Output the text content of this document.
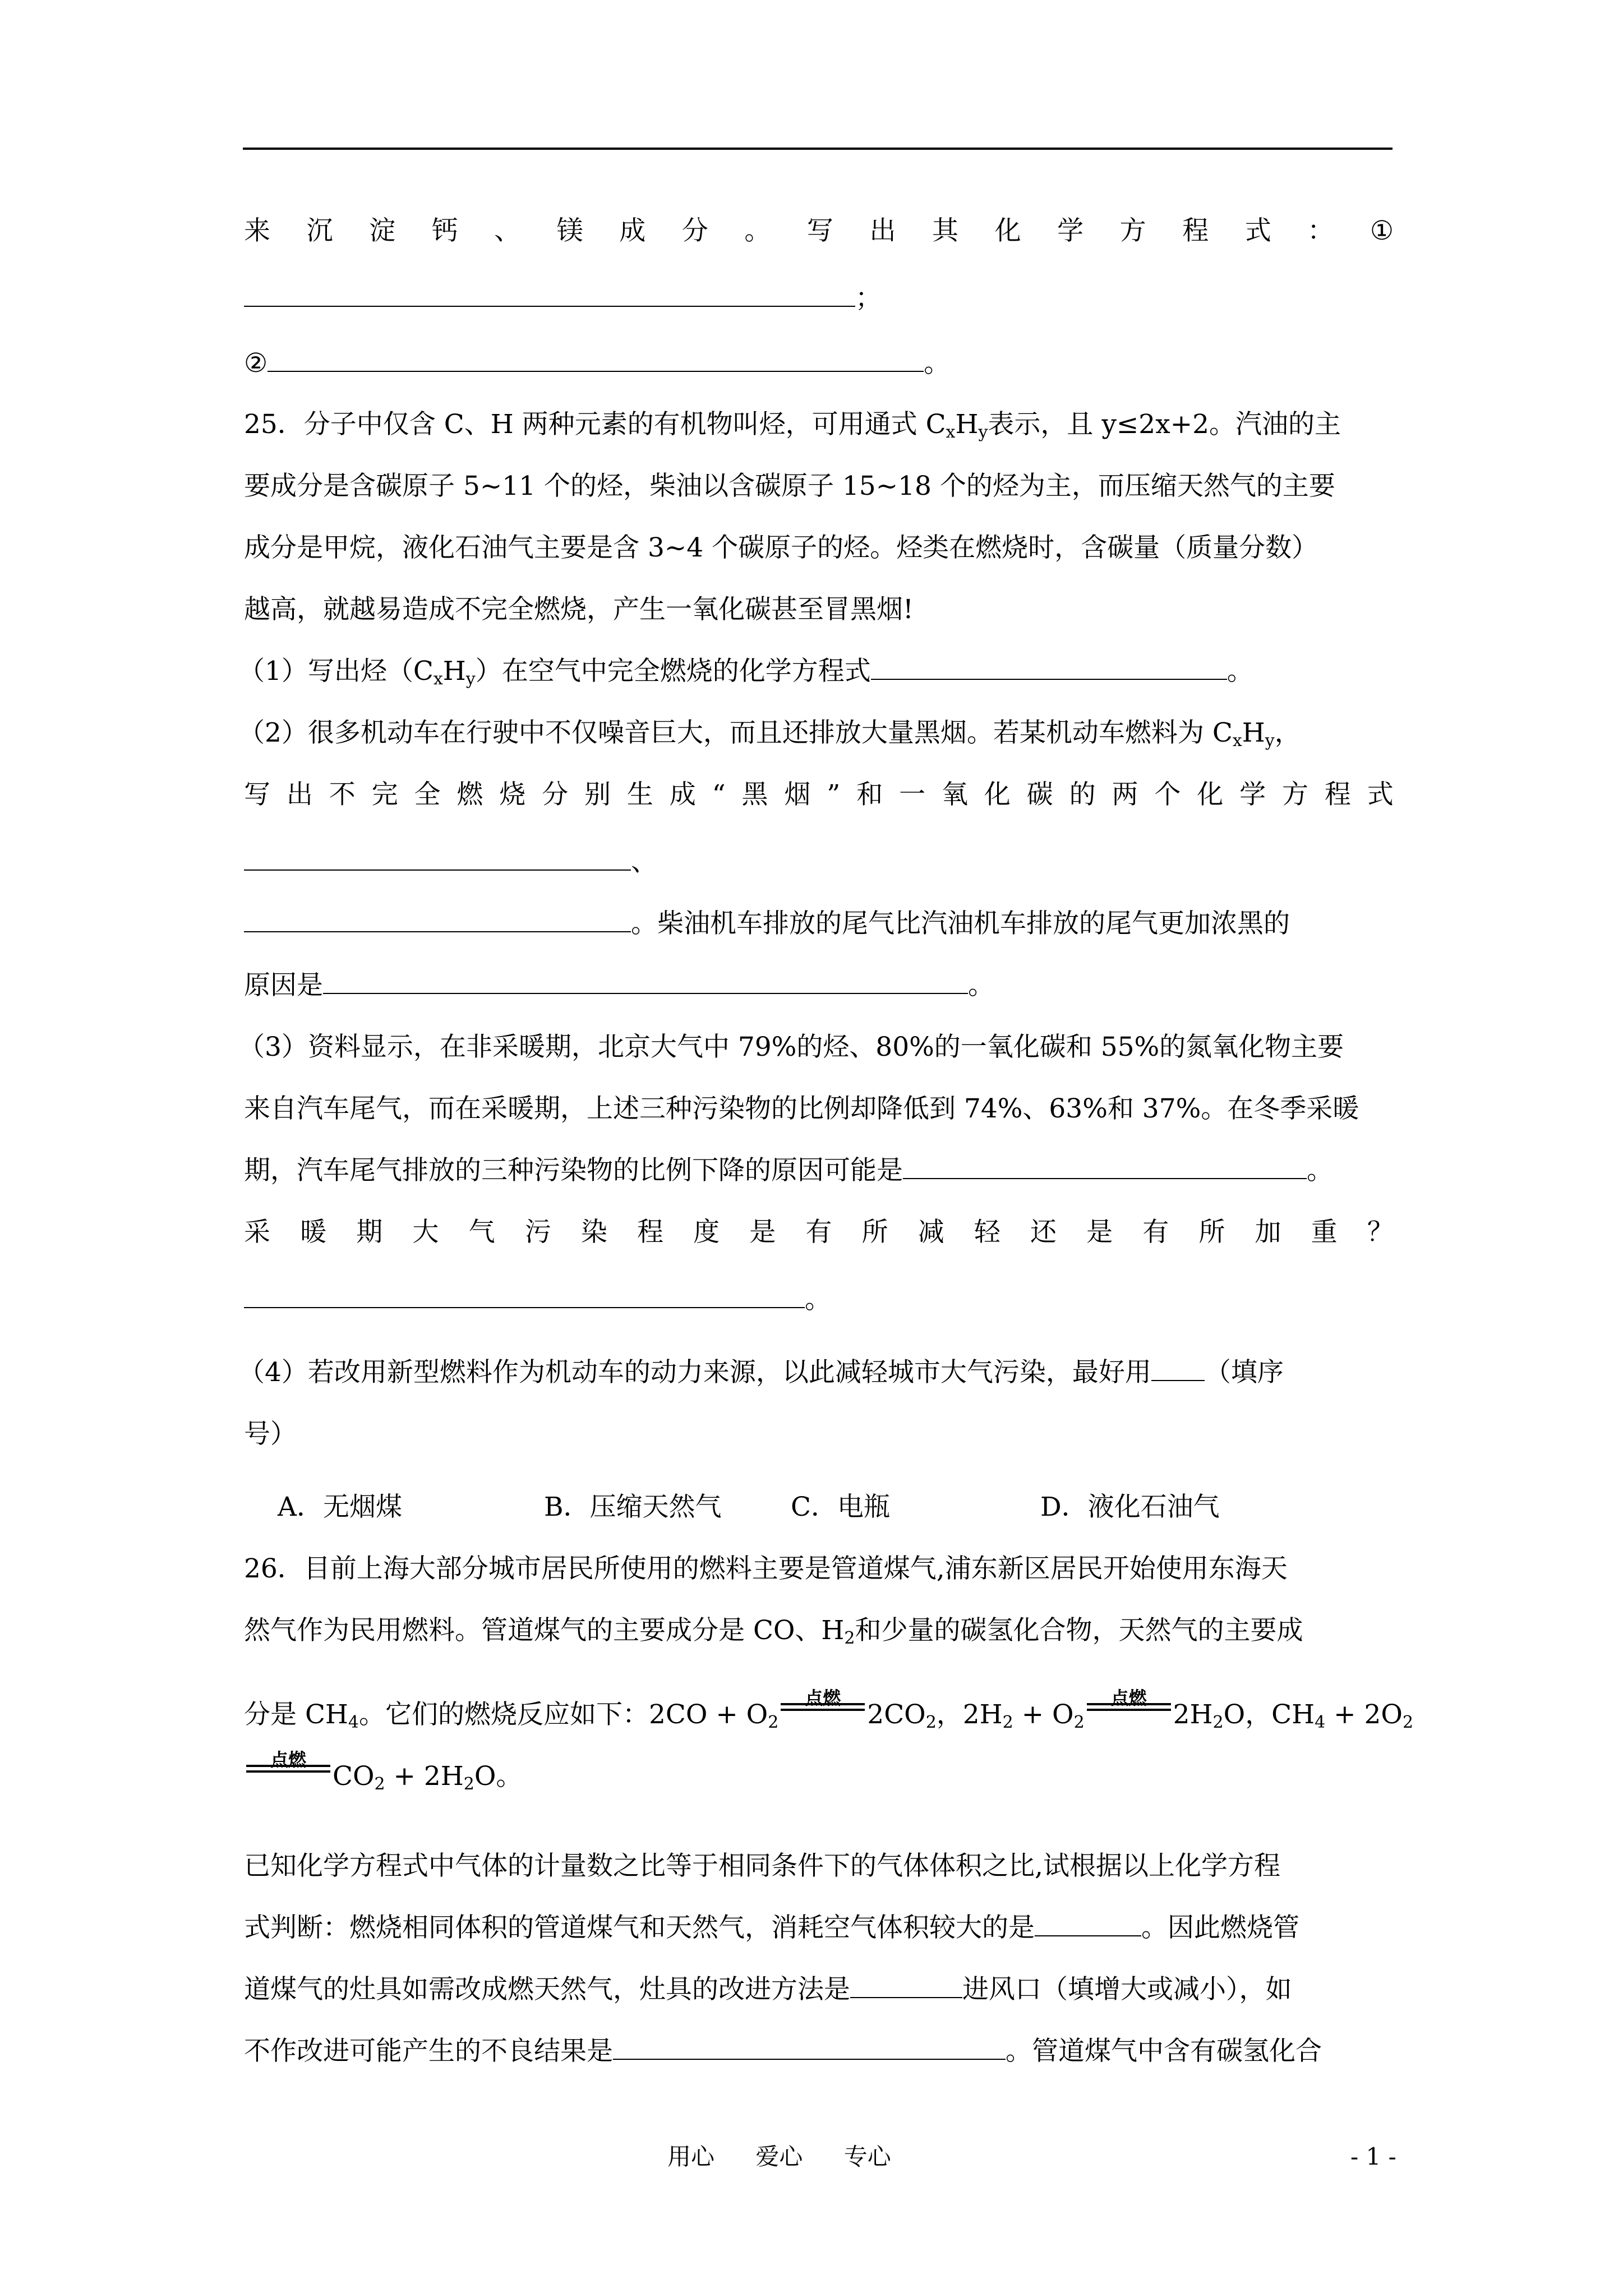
来 沉 淀 钙 、 镁 成 分 。 写 出 其 化 学 方 程 式 ： ①
；
②	。
25．分子中仅含 C、H 两种元素的有机物叫烃，可用通式 $C_xH_y$表示，且 y≤2x+2。汽油的主
要成分是含碳原子 5~11 个的烃，柴油以含碳原子 15~18 个的烃为主，而压缩天然气的主要
成分是甲烷，液化石油气主要是含 3~4 个碳原子的烃。烃类在燃烧时，含碳量（质量分数）
越高，就越易造成不完全燃烧，产生一氧化碳甚至冒黑烟!
（1）写出烃$(C_xH_y)$在空气中完全燃烧的化学方程式	。
（2）很多机动车在行驶中不仅噪音巨大，而且还排放大量黑烟。若某机动车燃料为 $C_xH_y$，
写 出 不 完 全 燃 烧 分 别 生 成 “ 黑 烟 ” 和 一 氧 化 碳 的 两 个 化 学 方 程 式
、
。柴油机车排放的尾气比汽油机车排放的尾气更加浓黑的
原因是	。
（3）资料显示，在非采暖期，北京大气中 79%的烃、80%的一氧化碳和 55%的氮氧化物主要
来自汽车尾气，而在采暖期，上述三种污染物的比例却降低到 74%、63%和 37%。在冬季采暖
期，汽车尾气排放的三种污染物的比例下降的原因可能是	。
采 暖 期 大 气 污 染 程 度 是 有 所 减 轻 还 是 有 所 加 重 ？
。
（4）若改用新型燃料作为机动车的动力来源，以此减轻城市大气污染，最好用 （填序
号）
A．无烟煤	B．压缩天然气	C．电瓶	D．液化石油气
26．目前上海大部分城市居民所使用的燃料主要是管道煤气,浦东新区居民开始使用东海天
然气作为民用燃料。管道煤气的主要成分是 CO、$H_2$和少量的碳氢化合物，天然气的主要成
分是 $CH_4$。它们的燃烧反应如下：$2CO + O_2$
点燃
$2CO_2$，$2H_2 + O_2$
点燃
$2H_2O$，$CH_4 + 2O_2$
点燃
$CO_2 + 2H_2O$。
已知化学方程式中气体的计量数之比等于相同条件下的气体体积之比,试根据以上化学方程
式判断：燃烧相同体积的管道煤气和天然气，消耗空气体积较大的是	。因此燃烧管
道煤气的灶具如需改成燃天然气，灶具的改进方法是	进风口（填增大或减小），如
不作改进可能产生的不良结果是	。管道煤气中含有碳氢化合
用心 爱心 专心	- 1 -
